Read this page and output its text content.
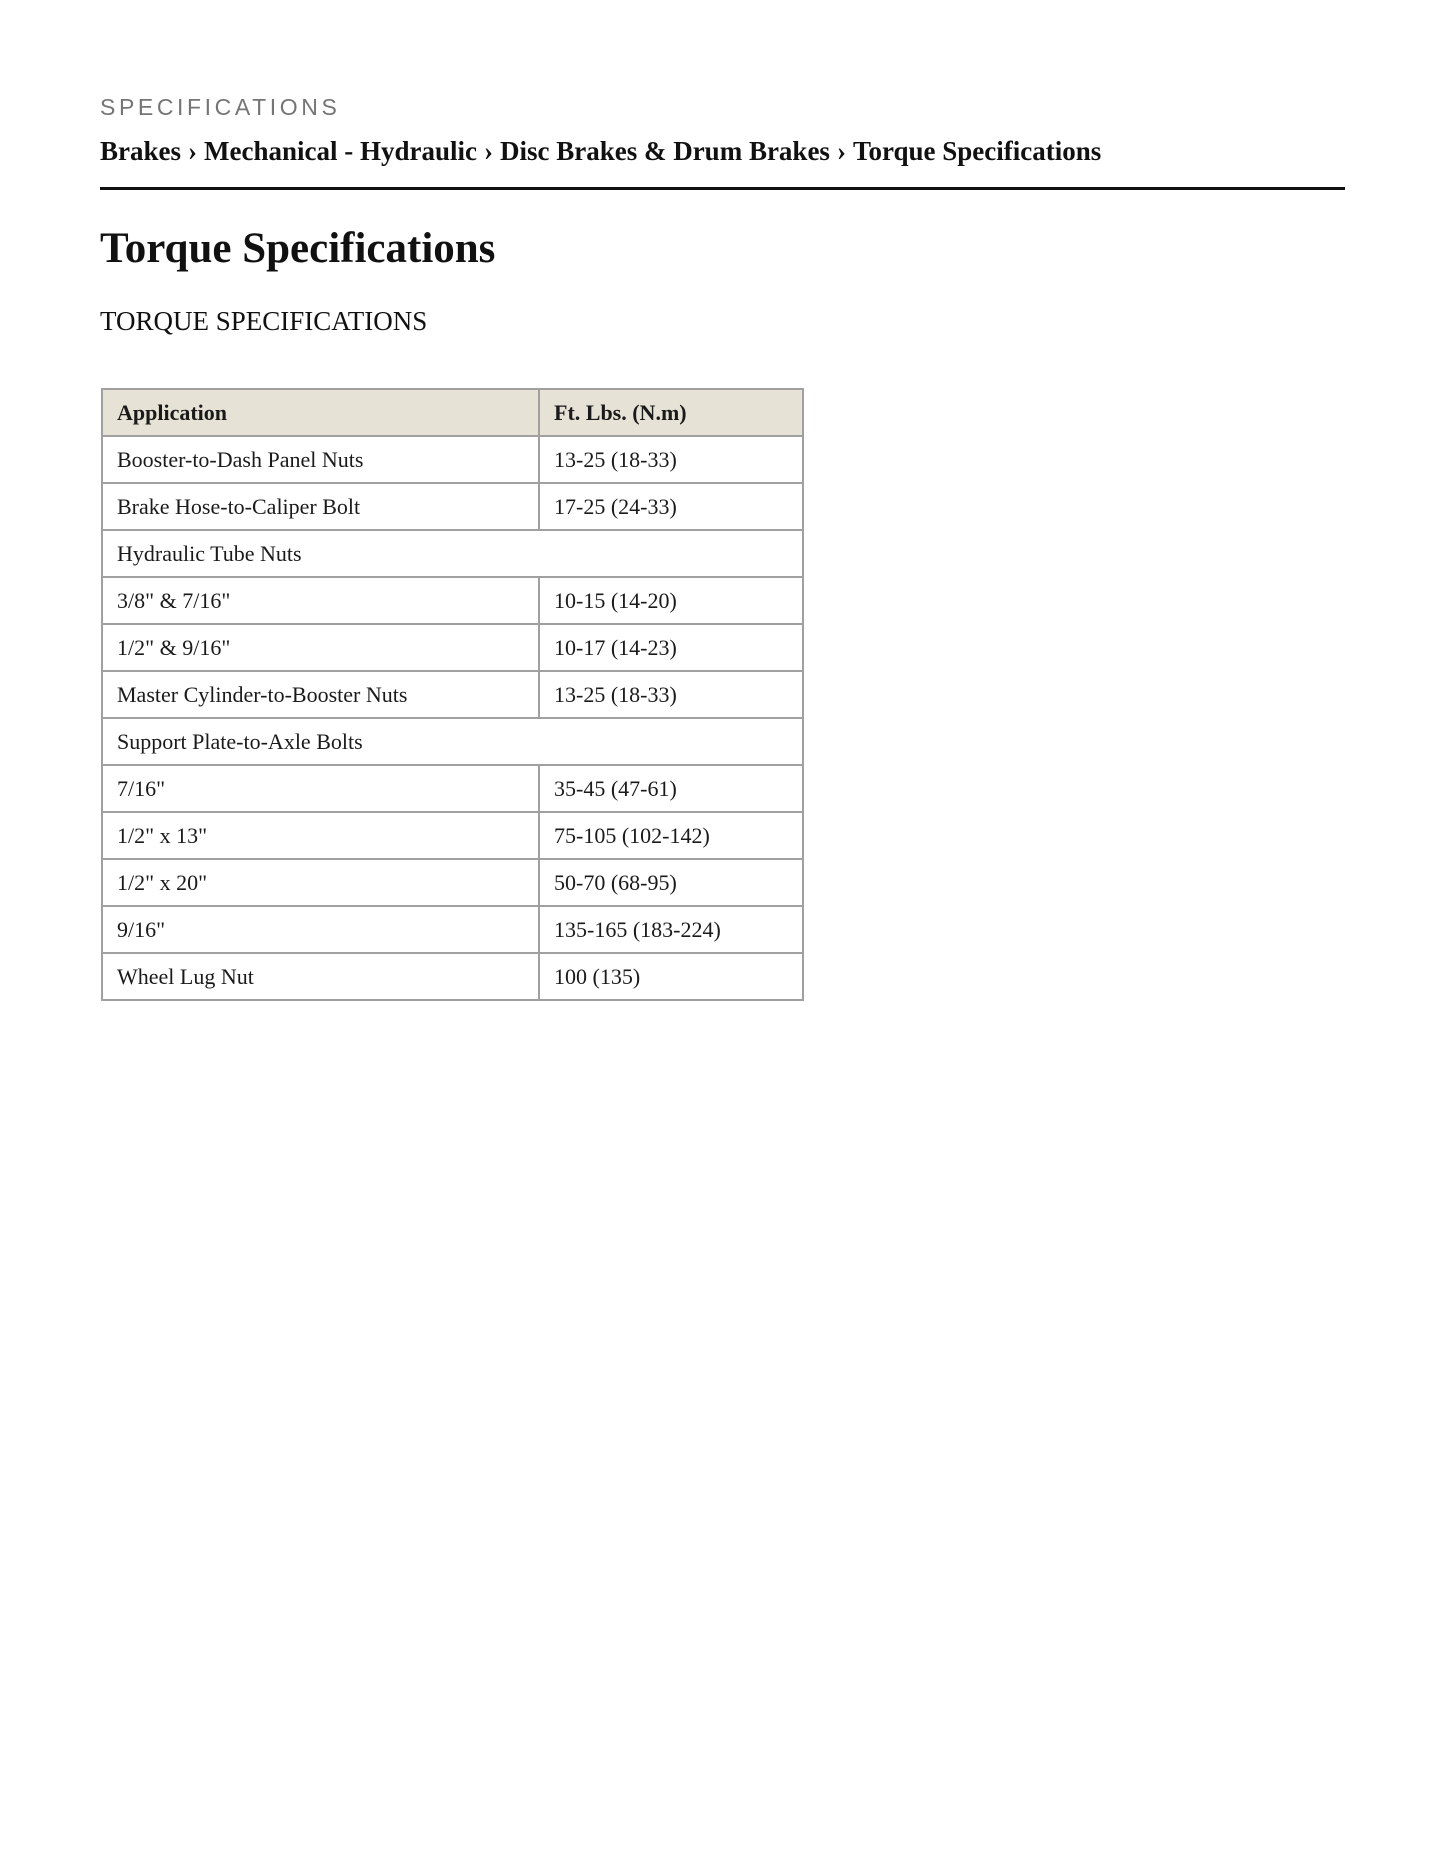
SPECIFICATIONS
Brakes › Mechanical - Hydraulic › Disc Brakes & Drum Brakes › Torque Specifications
Torque Specifications
TORQUE SPECIFICATIONS
Application	Ft. Lbs. (N.m)
Booster-to-Dash Panel Nuts	13-25 (18-33)
Brake Hose-to-Caliper Bolt	17-25 (24-33)
Hydraulic Tube Nuts	
3/8" & 7/16"	10-15 (14-20)
1/2" & 9/16"	10-17 (14-23)
Master Cylinder-to-Booster Nuts	13-25 (18-33)
Support Plate-to-Axle Bolts	
7/16"	35-45 (47-61)
1/2" x 13"	75-105 (102-142)
1/2" x 20"	50-70 (68-95)
9/16"	135-165 (183-224)
Wheel Lug Nut	100 (135)
